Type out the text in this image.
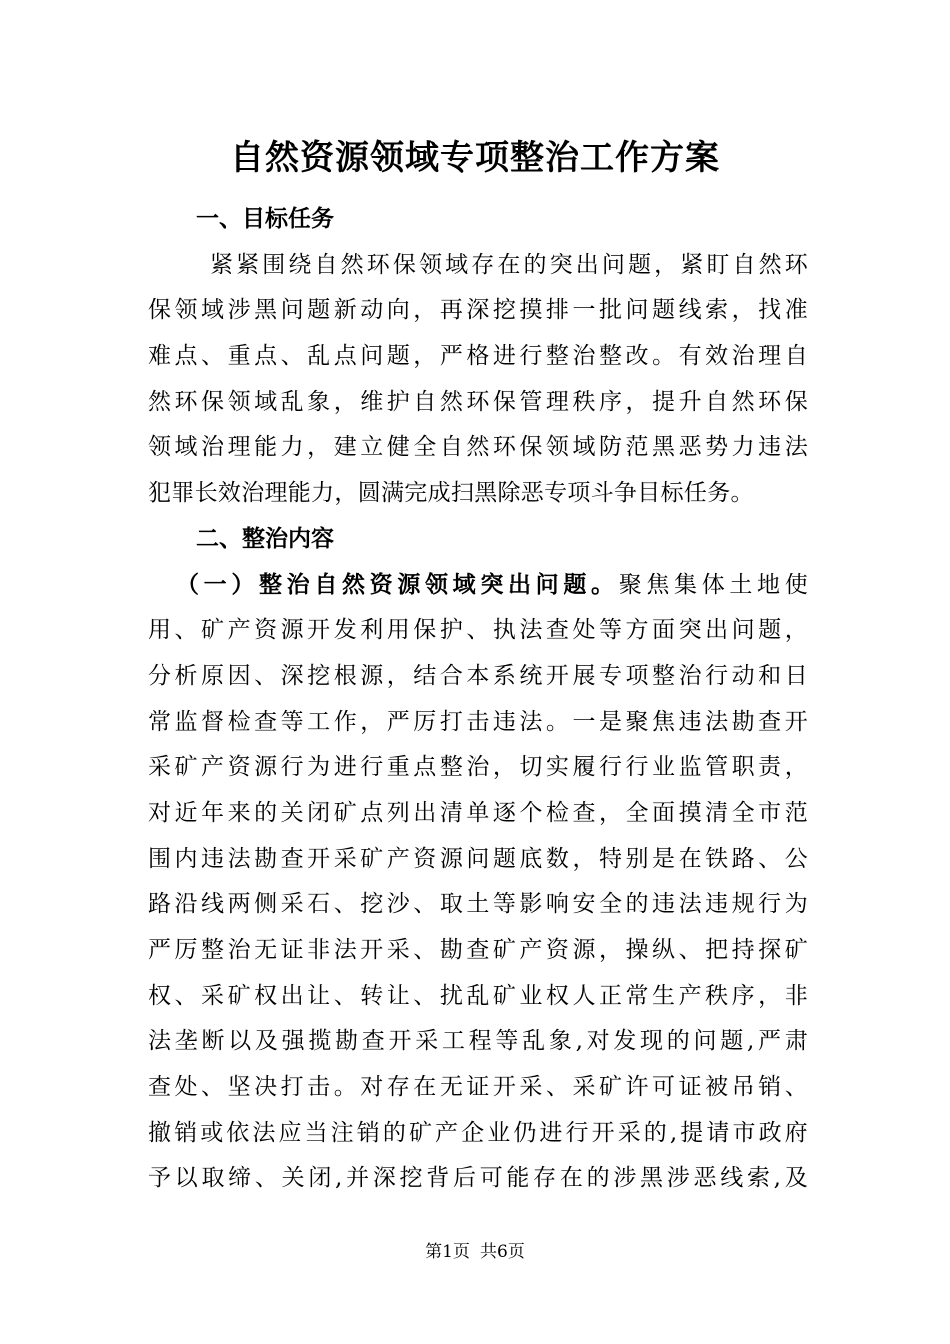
自然资源领域专项整治工作方案
一、目标任务
紧紧围绕自然环保领域存在的突出问题，紧盯自然环
保领域涉黑问题新动向，再深挖摸排一批问题线索，找准
难点、重点、乱点问题，严格进行整治整改。有效治理自
然环保领域乱象，维护自然环保管理秩序，提升自然环保
领域治理能力，建立健全自然环保领域防范黑恶势力违法
犯罪长效治理能力，圆满完成扫黑除恶专项斗争目标任务。
二、整治内容
（一）整治自然资源领域突出问题。聚焦集体土地使
用、矿产资源开发利用保护、执法查处等方面突出问题，
分析原因、深挖根源，结合本系统开展专项整治行动和日
常监督检查等工作，严厉打击违法。一是聚焦违法勘查开
采矿产资源行为进行重点整治，切实履行行业监管职责，
对近年来的关闭矿点列出清单逐个检查，全面摸清全市范
围内违法勘查开采矿产资源问题底数，特别是在铁路、公
路沿线两侧采石、挖沙、取土等影响安全的违法违规行为
严厉整治无证非法开采、勘查矿产资源，操纵、把持探矿
权、采矿权出让、转让、扰乱矿业权人正常生产秩序，非
法垄断以及强揽勘查开采工程等乱象,对发现的问题,严肃
查处、坚决打击。对存在无证开采、采矿许可证被吊销、
撤销或依法应当注销的矿产企业仍进行开采的,提请市政府
予以取缔、关闭,并深挖背后可能存在的涉黑涉恶线索,及
第1页 共6页
